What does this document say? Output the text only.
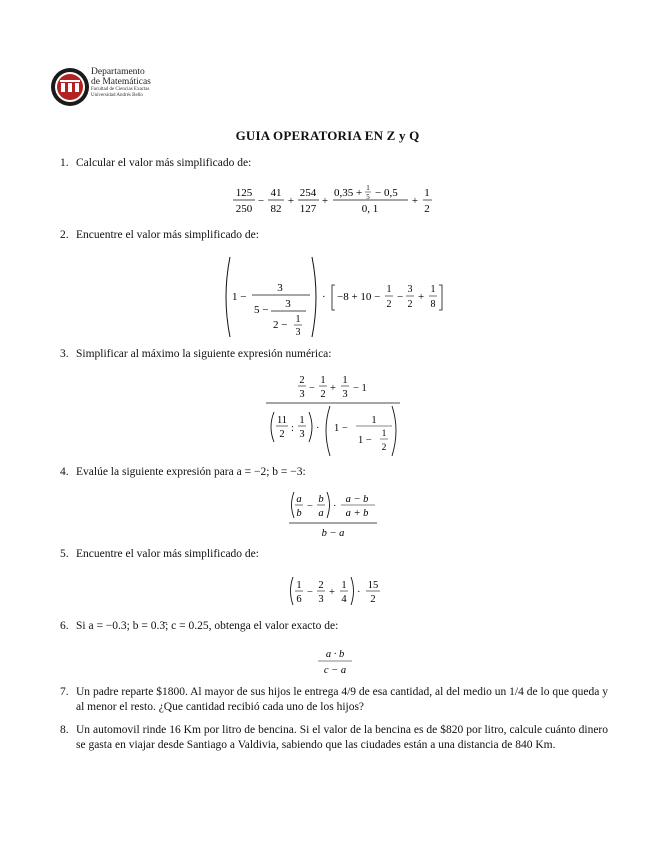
Departamento
de Matemáticas
Facultad de Ciencias Exactas
Universidad Andrés Bello
GUIA OPERATORIA EN Z y Q
1. Calcular el valor más simplificado de:
125
250
−
41
82
+
254
127
+
0,35 + 1
5 − 0,5
0, 1
+
1
2
2. Encuentre el valor más simplificado de:
1 −
3
5 − 3
2 − 1
3
· −8 + 10 −
1
2
−
3
2
+
1
8
3. Simplificar al máximo la siguiente expresión numérica:
2
3
−
1
2
+
1
3
− 1
11
2
:
1
3
· 1 −
1
1 −
1
2
4. Evalúe la siguiente expresión para a = −2; b = −3:
a
b
−
b
a
·
a − b
a + b
b − a
5. Encuentre el valor más simplificado de:
1
6
−
2
3
+
1
4
·
15
2
6. Si a = −0.3; b = 0.3̄; c = 0.25, obtenga el valor exacto de:
a · b
c − a
7. Un padre reparte $1800. Al mayor de sus hijos le entrega 4/9 de esa cantidad, al del medio un 1/4 de lo que queda y al menor el resto. ¿Que cantidad recibió cada uno de los hijos?
8. Un automovil rinde 16 Km por litro de bencina. Si el valor de la bencina es de $820 por litro, calcule cuánto dinero se gasta en viajar desde Santiago a Valdivia, sabiendo que las ciudades están a una distancia de 840 Km.
